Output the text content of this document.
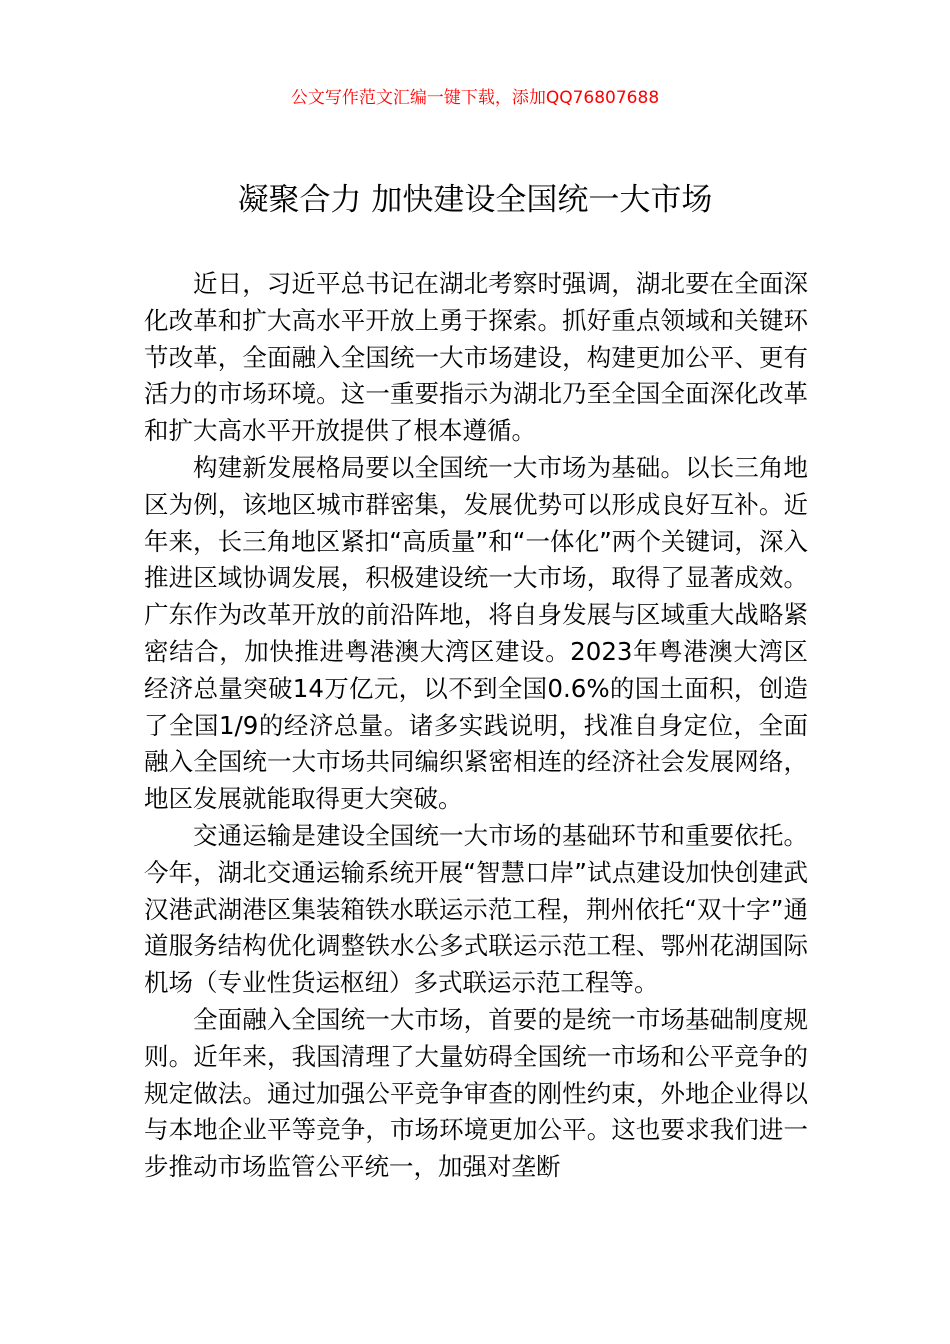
公文写作范文汇编一键下载，添加QQ76807688
凝聚合力 加快建设全国统一大市场

近日，习近平总书记在湖北考察时强调，湖北要在全面深化改革和扩大高水平开放上勇于探索。抓好重点领域和关键环节改革，全面融入全国统一大市场建设，构建更加公平、更有活力的市场环境。这一重要指示为湖北乃至全国全面深化改革和扩大高水平开放提供了根本遵循。

构建新发展格局要以全国统一大市场为基础。以长三角地区为例，该地区城市群密集，发展优势可以形成良好互补。近年来，长三角地区紧扣“高质量”和“一体化”两个关键词，深入推进区域协调发展，积极建设统一大市场，取得了显著成效。广东作为改革开放的前沿阵地，将自身发展与区域重大战略紧密结合，加快推进粤港澳大湾区建设。2023年粤港澳大湾区经济总量突破14万亿元，以不到全国0.6%的国土面积，创造了全国1/9的经济总量。诸多实践说明，找准自身定位，全面融入全国统一大市场共同编织紧密相连的经济社会发展网络，地区发展就能取得更大突破。

交通运输是建设全国统一大市场的基础环节和重要依托。今年，湖北交通运输系统开展“智慧口岸”试点建设加快创建武汉港武湖港区集装箱铁水联运示范工程，荆州依托“双十字”通道服务结构优化调整铁水公多式联运示范工程、鄂州花湖国际机场（专业性货运枢纽）多式联运示范工程等。

全面融入全国统一大市场，首要的是统一市场基础制度规则。近年来，我国清理了大量妨碍全国统一市场和公平竞争的规定做法。通过加强公平竞争审查的刚性约束，外地企业得以与本地企业平等竞争，市场环境更加公平。这也要求我们进一步推动市场监管公平统一，加强对垄断
